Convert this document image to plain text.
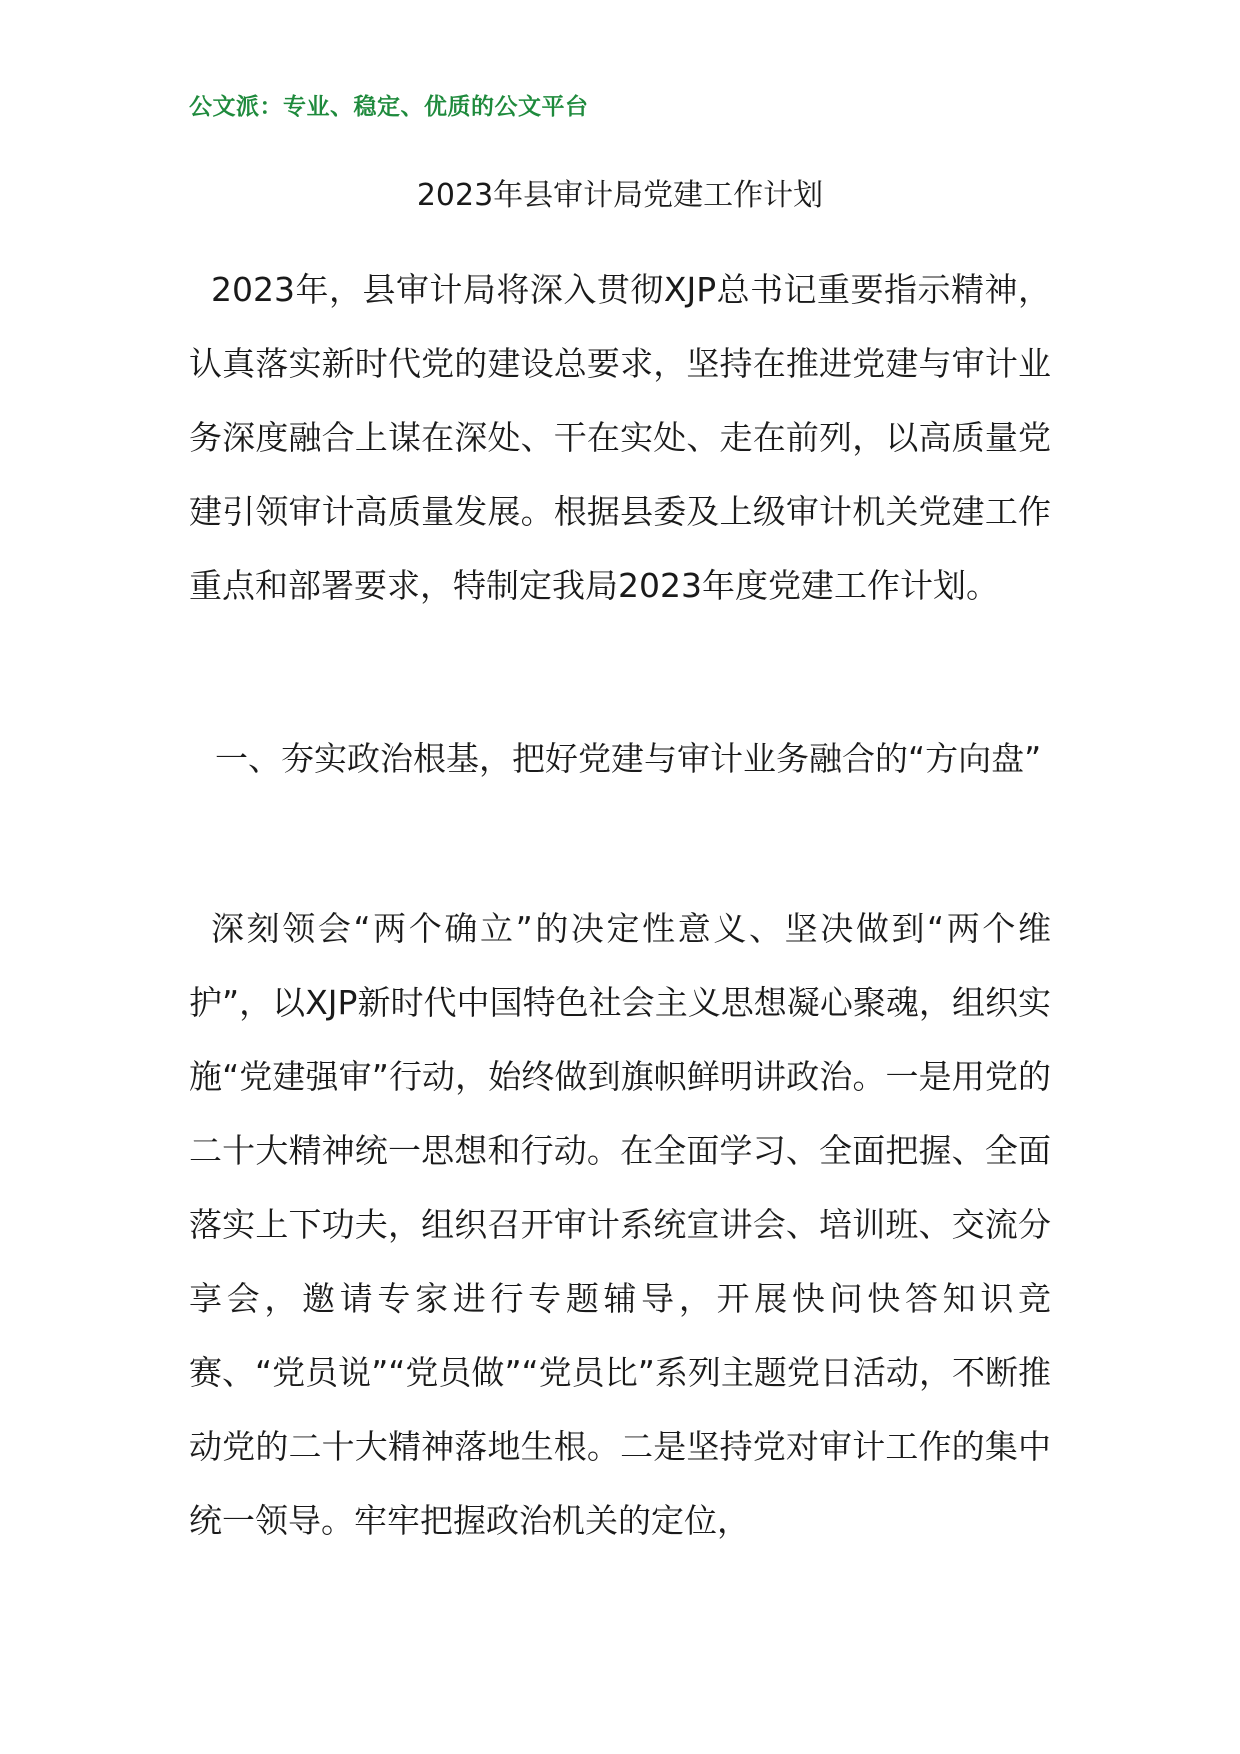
公文派：专业、稳定、优质的公文平台
2023年县审计局党建工作计划

2023年，县审计局将深入贯彻XJP总书记重要指示精神，认真落实新时代党的建设总要求，坚持在推进党建与审计业务深度融合上谋在深处、干在实处、走在前列，以高质量党建引领审计高质量发展。根据县委及上级审计机关党建工作重点和部署要求，特制定我局2023年度党建工作计划。

一、夯实政治根基，把好党建与审计业务融合的“方向盘”

深刻领会“两个确立”的决定性意义、坚决做到“两个维护”，以XJP新时代中国特色社会主义思想凝心聚魂，组织实施“党建强审”行动，始终做到旗帜鲜明讲政治。一是用党的二十大精神统一思想和行动。在全面学习、全面把握、全面落实上下功夫，组织召开审计系统宣讲会、培训班、交流分享会，邀请专家进行专题辅导，开展快问快答知识竞赛、“党员说”“党员做”“党员比”系列主题党日活动，不断推动党的二十大精神落地生根。二是坚持党对审计工作的集中统一领导。牢牢把握政治机关的定位，
